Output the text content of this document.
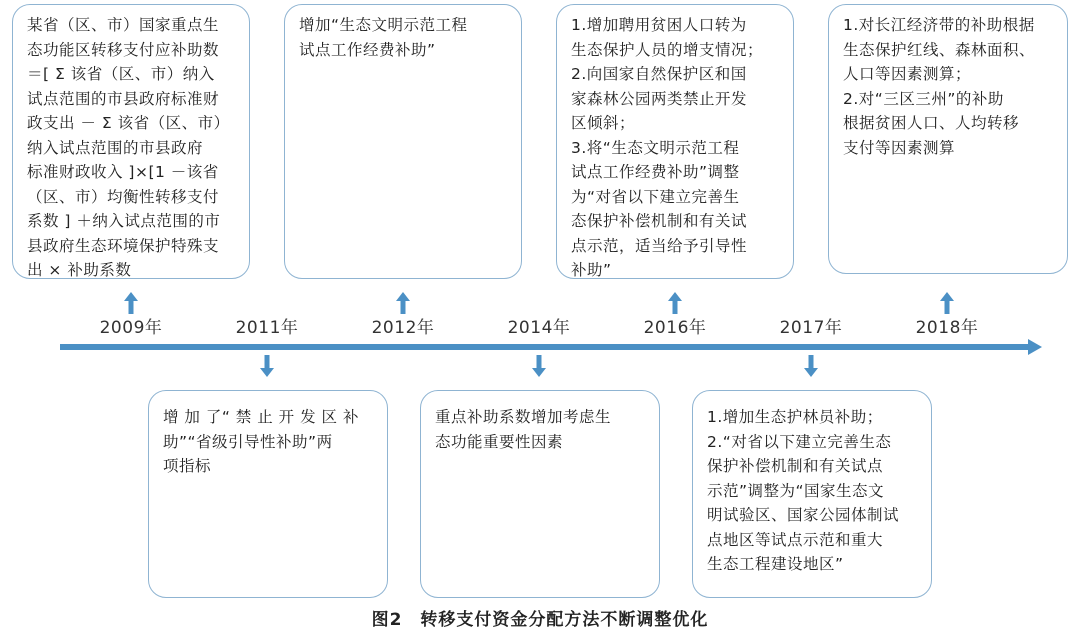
某省（区、市）国家重点生
态功能区转移支付应补助数
＝[ Σ 该省（区、市）纳入
试点范围的市县政府标准财
政支出 － Σ 该省（区、市）
纳入试点范围的市县政府
标准财政收入 ]×[1 －该省
（区、市）均衡性转移支付
系数 ] ＋纳入试点范围的市
县政府生态环境保护特殊支
出 × 补助系数
增加“生态文明示范工程
试点工作经费补助”
1.增加聘用贫困人口转为
生态保护人员的增支情况；
2.向国家自然保护区和国
家森林公园两类禁止开发
区倾斜；
3.将“生态文明示范工程
试点工作经费补助”调整
为“对省以下建立完善生
态保护补偿机制和有关试
点示范，适当给予引导性
补助”
1.对长江经济带的补助根据
生态保护红线、森林面积、
人口等因素测算；
2.对“三区三州”的补助
根据贫困人口、人均转移
支付等因素测算
2009年	2011年	2012年	2014年	2016年	2017年	2018年
增 加 了“ 禁 止 开 发 区 补
助”“省级引导性补助”两
项指标
重点补助系数增加考虑生
态功能重要性因素
1.增加生态护林员补助；
2.“对省以下建立完善生态
保护补偿机制和有关试点
示范”调整为“国家生态文
明试验区、国家公园体制试
点地区等试点示范和重大
生态工程建设地区”
图2　转移支付资金分配方法不断调整优化
